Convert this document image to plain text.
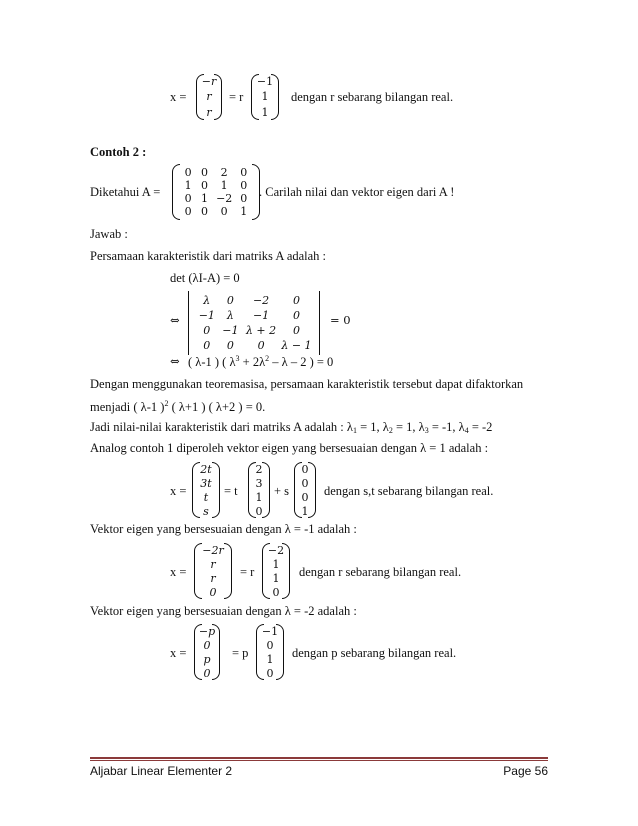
x =
−r
r
r
= r
−1
1
1
dengan r sebarang bilangan real.
Contoh 2 :
Diketahui A =
0 0	2	0
1 0	1	0
0 1 −2 0
0 0	0	1
. Carilah nilai dan vektor eigen dari A !
Jawab :
Persamaan karakteristik dari matriks A adalah :
det (λI-A) = 0
⇔
λ	0	−2	0
−1	λ	−1	0
0	−1 λ + 2	0
0	0	0	λ − 1
= 0
⇔ ( λ-1 ) ( $\lambda^3 + 2\lambda^2 - \lambda - 2$ ) = 0
Dengan menggunakan teoremasisa, persamaan karakteristik tersebut dapat difaktorkan
menjadi ( λ-1 )$^2$ ( λ+1 ) ( λ+2 ) = 0.
Jadi nilai-nilai karakteristik dari matriks A adalah : $\lambda_1 = 1$, $\lambda_2 = 1$, $\lambda_3 = -1$, $\lambda_4 = -2$
Analog contoh 1 diperoleh vektor eigen yang bersesuaian dengan λ = 1 adalah :
x =
2t
3t
t
s
= t
2
3
1
0
+ s
0
0
0
1
dengan s,t sebarang bilangan real.
Vektor eigen yang bersesuaian dengan λ = -1 adalah :
x =
−2r
r
r
0
= r
−2
1
1
0
dengan r sebarang bilangan real.
Vektor eigen yang bersesuaian dengan λ = -2 adalah :
x =
−p
0
p
0
= p
−1
0
1
0
dengan p sebarang bilangan real.
Aljabar Linear Elementer 2	Page 56
